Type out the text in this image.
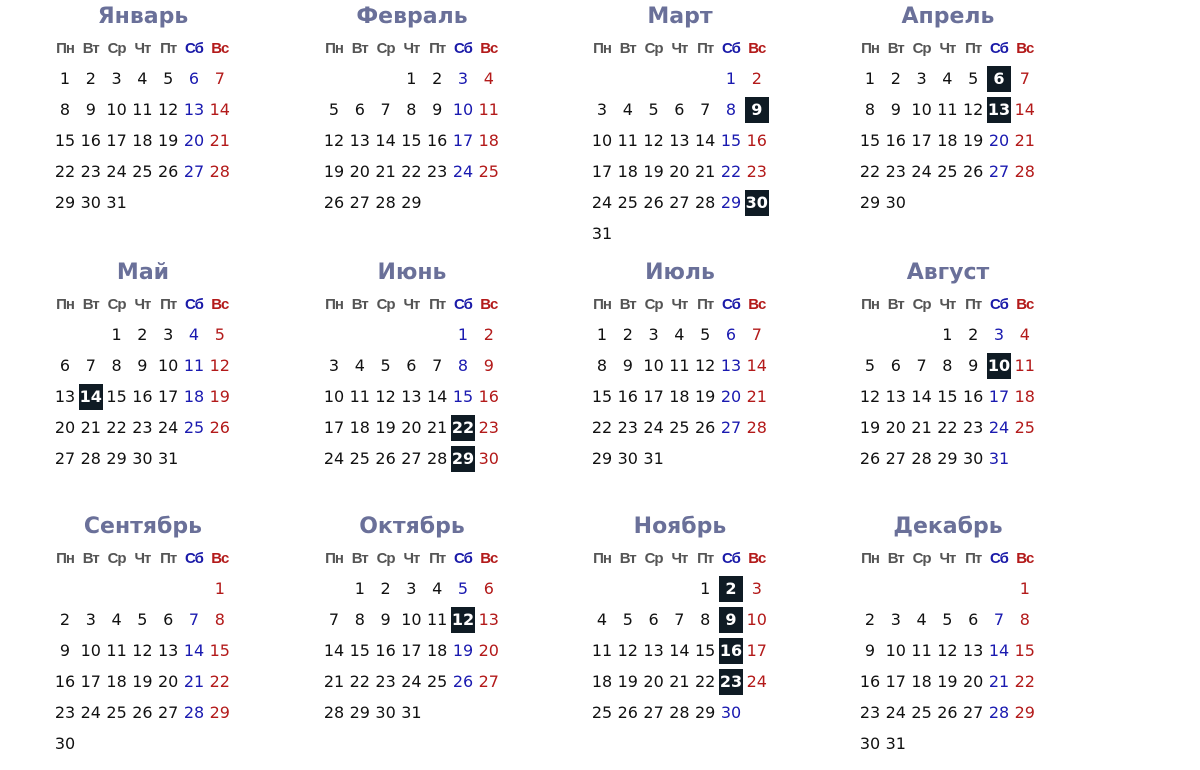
Январь
Пн Вт Ср Чт Пт Сб Вс
1 2 3 4 5 6 7
8 9 10 11 12 13 14
15 16 17 18 19 20 21
22 23 24 25 26 27 28
29 30 31
Февраль
Пн Вт Ср Чт Пт Сб Вс
1 2 3 4
5 6 7 8 9 10 11
12 13 14 15 16 17 18
19 20 21 22 23 24 25
26 27 28 29
Март
Пн Вт Ср Чт Пт Сб Вс
1 2
3 4 5 6 7 8 9
10 11 12 13 14 15 16
17 18 19 20 21 22 23
24 25 26 27 28 29 30
31
Апрель
Пн Вт Ср Чт Пт Сб Вс
1 2 3 4 5 6 7
8 9 10 11 12 13 14
15 16 17 18 19 20 21
22 23 24 25 26 27 28
29 30
Май
Пн Вт Ср Чт Пт Сб Вс
1 2 3 4 5
6 7 8 9 10 11 12
13 14 15 16 17 18 19
20 21 22 23 24 25 26
27 28 29 30 31
Июнь
Пн Вт Ср Чт Пт Сб Вс
1 2
3 4 5 6 7 8 9
10 11 12 13 14 15 16
17 18 19 20 21 22 23
24 25 26 27 28 29 30
Июль
Пн Вт Ср Чт Пт Сб Вс
1 2 3 4 5 6 7
8 9 10 11 12 13 14
15 16 17 18 19 20 21
22 23 24 25 26 27 28
29 30 31
Август
Пн Вт Ср Чт Пт Сб Вс
1 2 3 4
5 6 7 8 9 10 11
12 13 14 15 16 17 18
19 20 21 22 23 24 25
26 27 28 29 30 31
Сентябрь
Пн Вт Ср Чт Пт Сб Вс
1
2 3 4 5 6 7 8
9 10 11 12 13 14 15
16 17 18 19 20 21 22
23 24 25 26 27 28 29
30
Октябрь
Пн Вт Ср Чт Пт Сб Вс
1 2 3 4 5 6
7 8 9 10 11 12 13
14 15 16 17 18 19 20
21 22 23 24 25 26 27
28 29 30 31
Ноябрь
Пн Вт Ср Чт Пт Сб Вс
1 2 3
4 5 6 7 8 9 10
11 12 13 14 15 16 17
18 19 20 21 22 23 24
25 26 27 28 29 30
Декабрь
Пн Вт Ср Чт Пт Сб Вс
1
2 3 4 5 6 7 8
9 10 11 12 13 14 15
16 17 18 19 20 21 22
23 24 25 26 27 28 29
30 31
